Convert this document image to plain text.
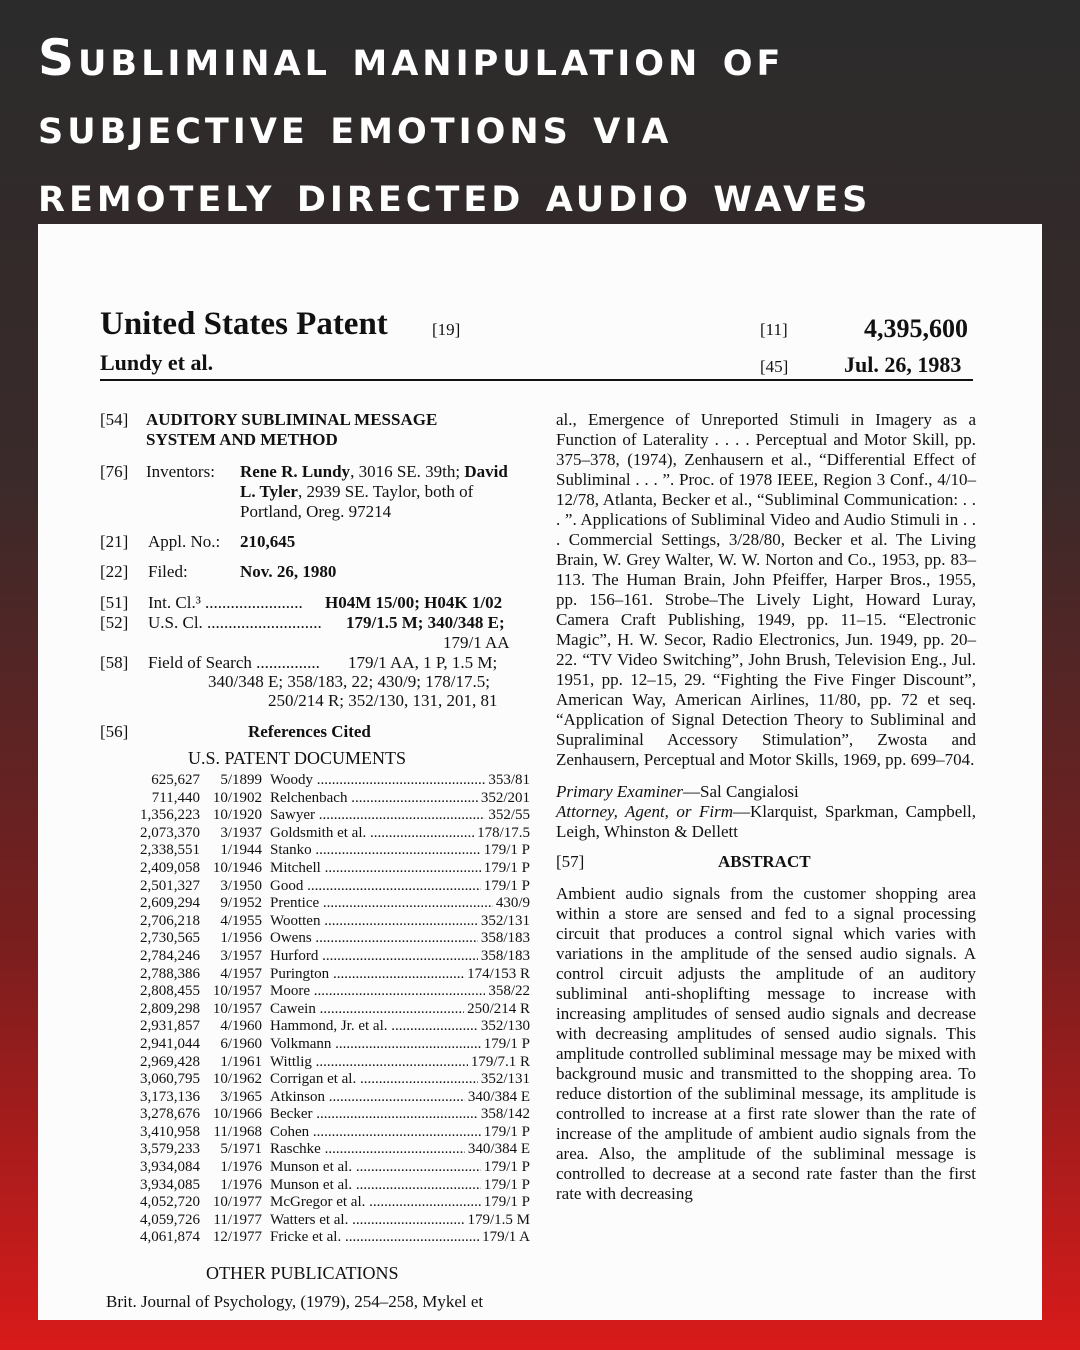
Subliminal manipulation of
subjective emotions via
remotely directed audio waves
United States Patent	[19]
Lundy et al.
[11]	4,395,600
[45]	Jul. 26, 1983
[54] AUDITORY SUBLIMINAL MESSAGE
SYSTEM AND METHOD
[76] Inventors: Rene R. Lundy, 3016 SE. 39th; David
L. Tyler, 2939 SE. Taylor, both of
Portland, Oreg. 97214
[21] Appl. No.: 210,645
[22] Filed:	Nov. 26, 1980
[51] Int. Cl.³ ....................... H04M 15/00; H04K 1/02
[52] U.S. Cl. ........................... 179/1.5 M; 340/348 E;
179/1 AA
[58] Field of Search ............... 179/1 AA, 1 P, 1.5 M;
340/348 E; 358/183, 22; 430/9; 178/17.5;
250/214 R; 352/130, 131, 201, 81
[56]	References Cited
U.S. PATENT DOCUMENTS
625,627	5/1899 Woody .....	353/81
711,440 10/1902 Relchenbach .....	352/201
1,356,223 10/1920 Sawyer .....	352/55
2,073,370	3/1937 Goldsmith et al. .....	178/17.5
2,338,551	1/1944 Stanko .....	179/1 P
2,409,058 10/1946 Mitchell .....	179/1 P
2,501,327	3/1950 Good .....	179/1 P
2,609,294	9/1952 Prentice .....	430/9
2,706,218	4/1955 Wootten .....	352/131
2,730,565	1/1956 Owens .....	358/183
2,784,246	3/1957 Hurford .....	358/183
2,788,386	4/1957 Purington .....	174/153 R
2,808,455 10/1957 Moore .....	358/22
2,809,298 10/1957 Cawein .....	250/214 R
2,931,857	4/1960 Hammond, Jr. et al. .....	352/130
2,941,044	6/1960 Volkmann .....	179/1 P
2,969,428	1/1961 Wittlig .....	179/7.1 R
3,060,795 10/1962 Corrigan et al. .....	352/131
3,173,136	3/1965 Atkinson .....	340/384 E
3,278,676 10/1966 Becker .....	358/142
3,410,958 11/1968 Cohen .....	179/1 P
3,579,233	5/1971 Raschke .....	340/384 E
3,934,084	1/1976 Munson et al. .....	179/1 P
3,934,085	1/1976 Munson et al. .....	179/1 P
4,052,720 10/1977 McGregor et al. .....	179/1 P
4,059,726 11/1977 Watters et al. .....	179/1.5 M
4,061,874 12/1977 Fricke et al. .....	179/1 A
OTHER PUBLICATIONS
Brit. Journal of Psychology, (1979), 254–258, Mykel et

al., Emergence of Unreported Stimuli in Imagery as a Function of Laterality . . . . Perceptual and Motor Skill, pp. 375–378, (1974), Zenhausern et al., “Differential Effect of Subliminal . . . ”. Proc. of 1978 IEEE, Region 3 Conf., 4/10–12/78, Atlanta, Becker et al., “Subliminal Communication: . . . ”. Applications of Subliminal Video and Audio Stimuli in . . . Commercial Settings, 3/28/80, Becker et al. The Living Brain, W. Grey Walter, W. W. Norton and Co., 1953, pp. 83–113. The Human Brain, John Pfeiffer, Harper Bros., 1955, pp. 156–161. Strobe–The Lively Light, Howard Luray, Camera Craft Publishing, 1949, pp. 11–15. “Electronic Magic”, H. W. Secor, Radio Electronics, Jun. 1949, pp. 20–22. “TV Video Switching”, John Brush, Television Eng., Jul. 1951, pp. 12–15, 29. “Fighting the Five Finger Discount”, American Way, American Airlines, 11/80, pp. 72 et seq. “Application of Signal Detection Theory to Subliminal and Supraliminal Accessory Stimulation”, Zwosta and Zenhausern, Perceptual and Motor Skills, 1969, pp. 699–704.

Primary Examiner—Sal Cangialosi

Attorney, Agent, or Firm—Klarquist, Sparkman, Campbell, Leigh, Whinston & Dellett

[57]	ABSTRACT

Ambient audio signals from the customer shopping area within a store are sensed and fed to a signal processing circuit that produces a control signal which varies with variations in the amplitude of the sensed audio signals. A control circuit adjusts the amplitude of an auditory subliminal anti-shoplifting message to increase with increasing amplitudes of sensed audio signals and decrease with decreasing amplitudes of sensed audio signals. This amplitude controlled subliminal message may be mixed with background music and transmitted to the shopping area. To reduce distortion of the subliminal message, its amplitude is controlled to increase at a first rate slower than the rate of increase of the amplitude of ambient audio signals from the area. Also, the amplitude of the subliminal message is controlled to decrease at a second rate faster than the first rate with decreasing
